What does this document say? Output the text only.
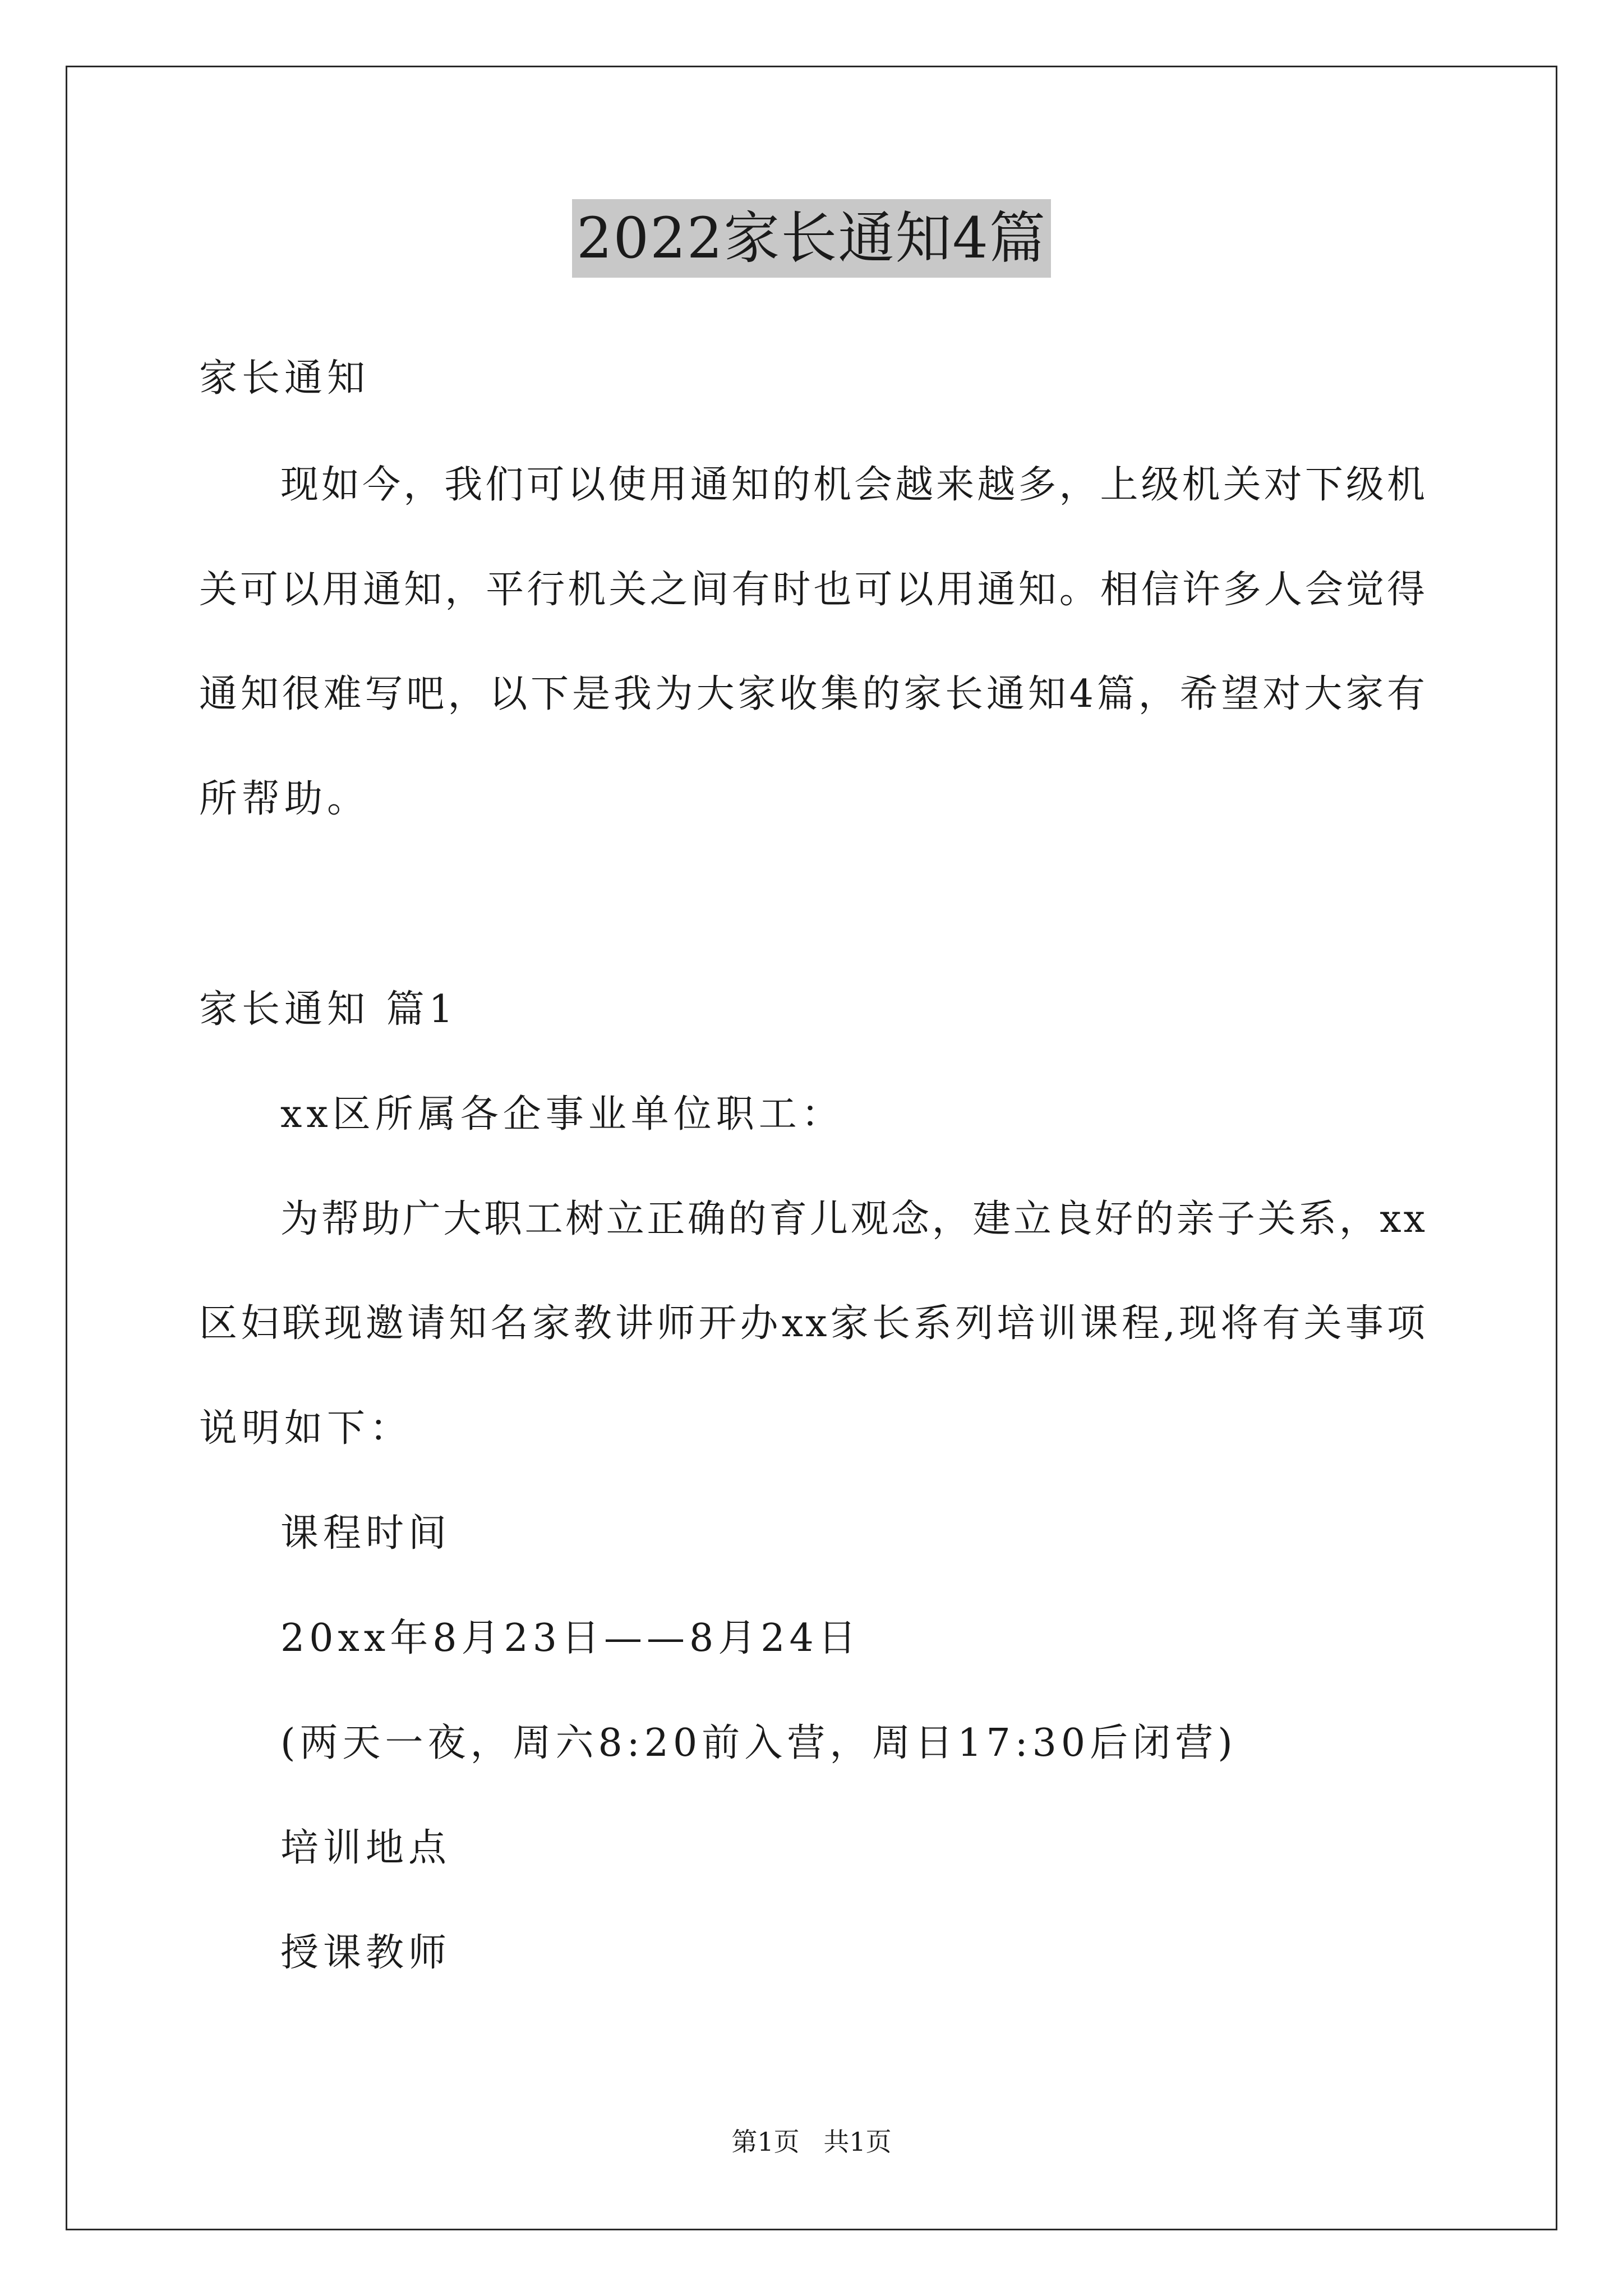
2022家长通知4篇
家长通知
现如今，我们可以使用通知的机会越来越多，上级机关对下级机
关可以用通知，平行机关之间有时也可以用通知。相信许多人会觉得
通知很难写吧，以下是我为大家收集的家长通知4篇，希望对大家有
所帮助。
家长通知 篇1
xx区所属各企事业单位职工：
为帮助广大职工树立正确的育儿观念，建立良好的亲子关系，xx
区妇联现邀请知名家教讲师开办xx家长系列培训课程,现将有关事项
说明如下：
课程时间
20xx年8月23日——8月24日
(两天一夜，周六8:20前入营，周日17:30后闭营)
培训地点
授课教师
第1页 共1页
